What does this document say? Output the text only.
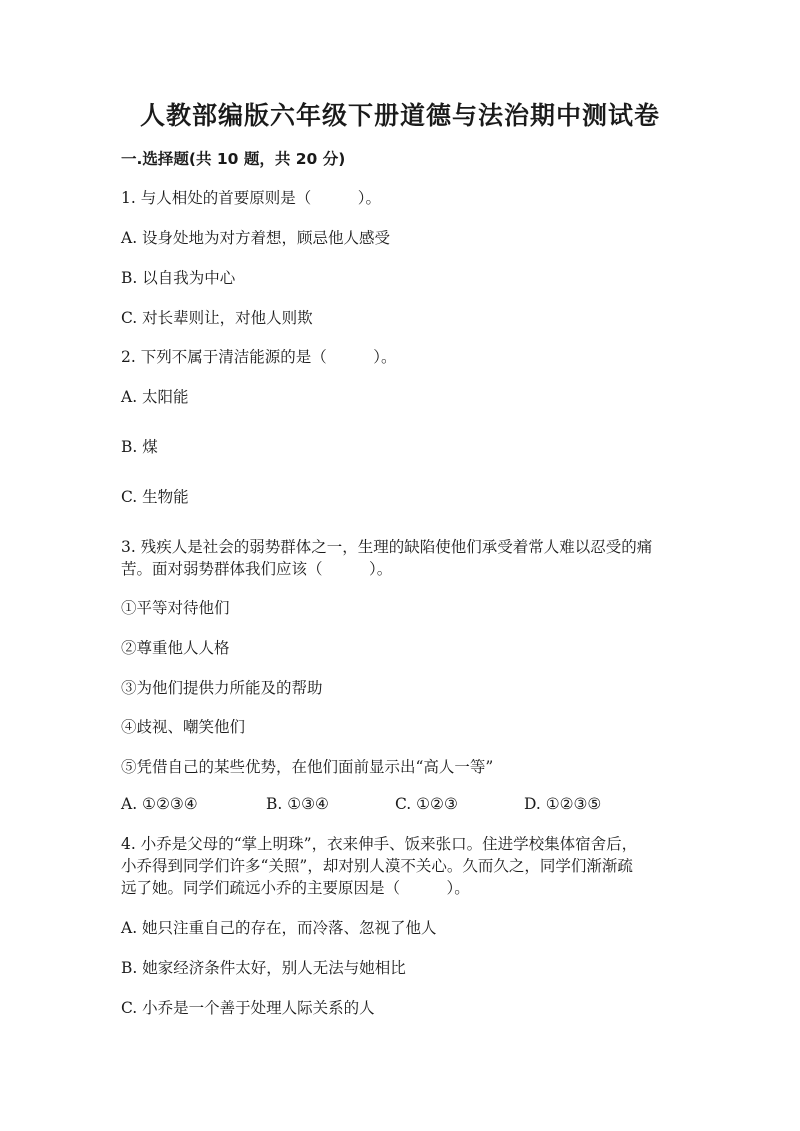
人教部编版六年级下册道德与法治期中测试卷
一.选择题(共 10 题，共 20 分)
1. 与人相处的首要原则是（　　　）。
A. 设身处地为对方着想，顾忌他人感受
B. 以自我为中心
C. 对长辈则让，对他人则欺
2. 下列不属于清洁能源的是（　　　）。
A. 太阳能
B. 煤
C. 生物能
3. 残疾人是社会的弱势群体之一，生理的缺陷使他们承受着常人难以忍受的痛
苦。面对弱势群体我们应该（　　　）。
①平等对待他们
②尊重他人人格
③为他们提供力所能及的帮助
④歧视、嘲笑他们
⑤凭借自己的某些优势，在他们面前显示出“高人一等”
A. ①②③④	B. ①③④	C. ①②③	D. ①②③⑤
4. 小乔是父母的“掌上明珠”，衣来伸手、饭来张口。住进学校集体宿舍后，
小乔得到同学们许多“关照”，却对别人漠不关心。久而久之，同学们渐渐疏
远了她。同学们疏远小乔的主要原因是（　　　）。
A. 她只注重自己的存在，而冷落、忽视了他人
B. 她家经济条件太好，别人无法与她相比
C. 小乔是一个善于处理人际关系的人
